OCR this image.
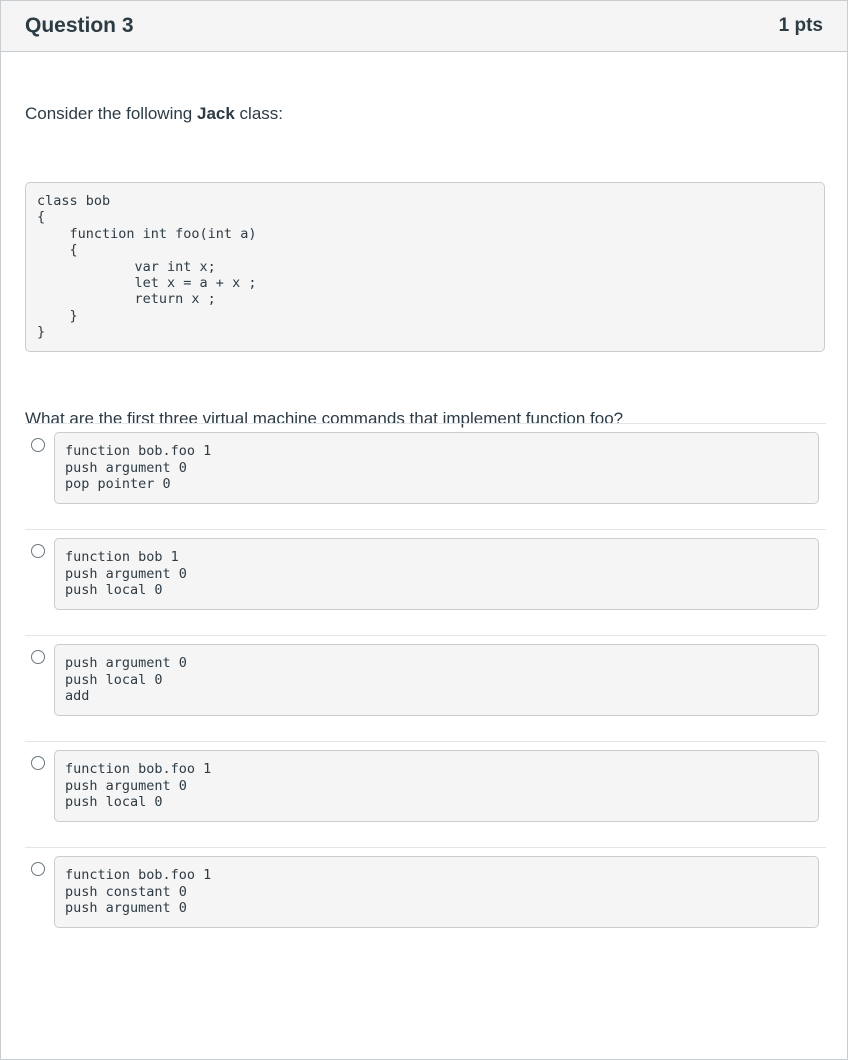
Question 3	1 pts
Consider the following Jack class:
class bob
{
function int foo(int a)
{
var int x;
let x = a + x ;
return x ;
}
}
What are the first three virtual machine commands that implement function foo?
function bob.foo 1
push argument 0
pop pointer 0
function bob 1
push argument 0
push local 0
push argument 0
push local 0
add
function bob.foo 1
push argument 0
push local 0
function bob.foo 1
push constant 0
push argument 0
